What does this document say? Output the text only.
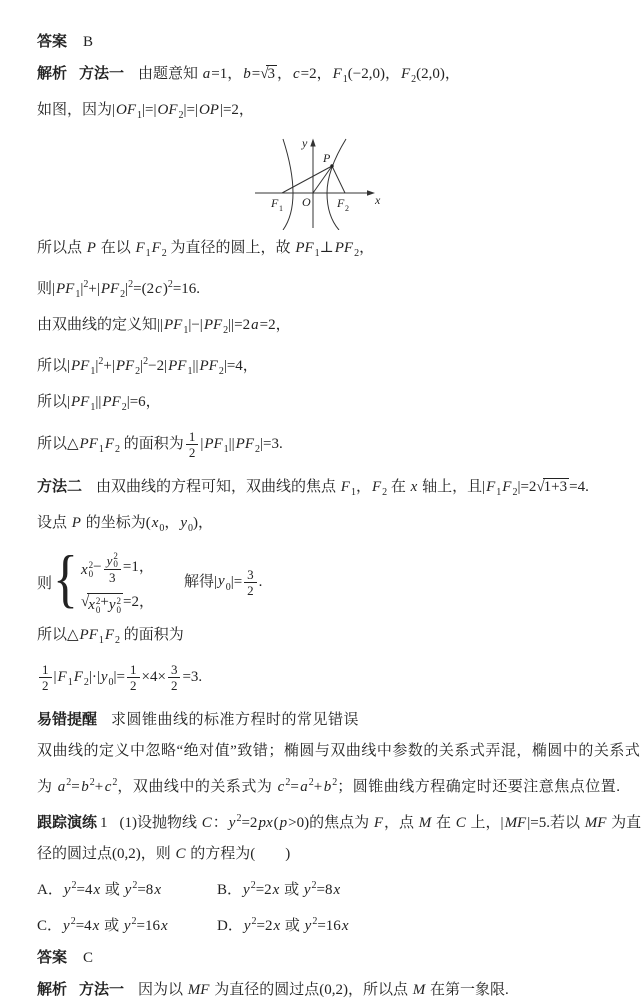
答案 B
解析 方法一 由题意知 a=1，b=√3 ，c=2，$F_1(-2,0)$，$F_2(2,0)$，
如图，因为$|OF_1|=|OF_2|=|OP|=2$，
P
y
x
O
F 1	F 2
所以点 P 在以 $F_1F_2$ 为直径的圆上，故 $PF_1\perp PF_2$，
则$|PF_1|^2+|PF_2|^2=(2c)^2=16$.
由双曲线的定义知$||PF_1|-|PF_2||=2a=2$，
所以$|PF_1|^2+|PF_2|^2-2|PF_1||PF_2|=4$，
所以$|PF_1||PF_2|=6$，
所以$\triangle PF_1F_2$ 的面积为 $\frac{1}{2} |PF_1||PF_2|=3$.
方法二 由双曲线的方程可知，双曲线的焦点 $F_1$，$F_2$ 在 x 轴上，且$|F_1F_2|=2√1+3 =4$.
设点 P 的坐标为($x_0$，$y_0$)，
则 { x 2
0 − y 2
0
3 =1，
√ x 2
0 + y 2
0 =2，
解得$|y_0|= \frac{3}{2}$ .
所以$\triangle PF_1F_2$ 的面积为
$\frac{1}{2} |F_1F_2|\cdot|y_0|= \frac{1}{2} \times 4\times \frac{3}{2} =3$.
易错提醒 求圆锥曲线的标准方程时的常见错误
双曲线的定义中忽略“绝对值”致错；椭圆与双曲线中参数的关系式弄混，椭圆中的关系式
为 $a^2=b^2+c^2$，双曲线中的关系式为 $c^2=a^2+b^2$；圆锥曲线方程确定时还要注意焦点位置.
跟踪演练 1 (1)设抛物线 C：$y^2=2px(p>0)$的焦点为 F，点 M 在 C 上，|MF|=5.若以 MF 为直
径的圆过点(0,2)，则 C 的方程为(　　)
A．$y^2=4x$ 或 $y^2=8x$	B．$y^2=2x$ 或 $y^2=8x$
C．$y^2=4x$ 或 $y^2=16x$	D．$y^2=2x$ 或 $y^2=16x$
答案 C
解析 方法一 因为以 MF 为直径的圆过点(0,2)，所以点 M 在第一象限.
